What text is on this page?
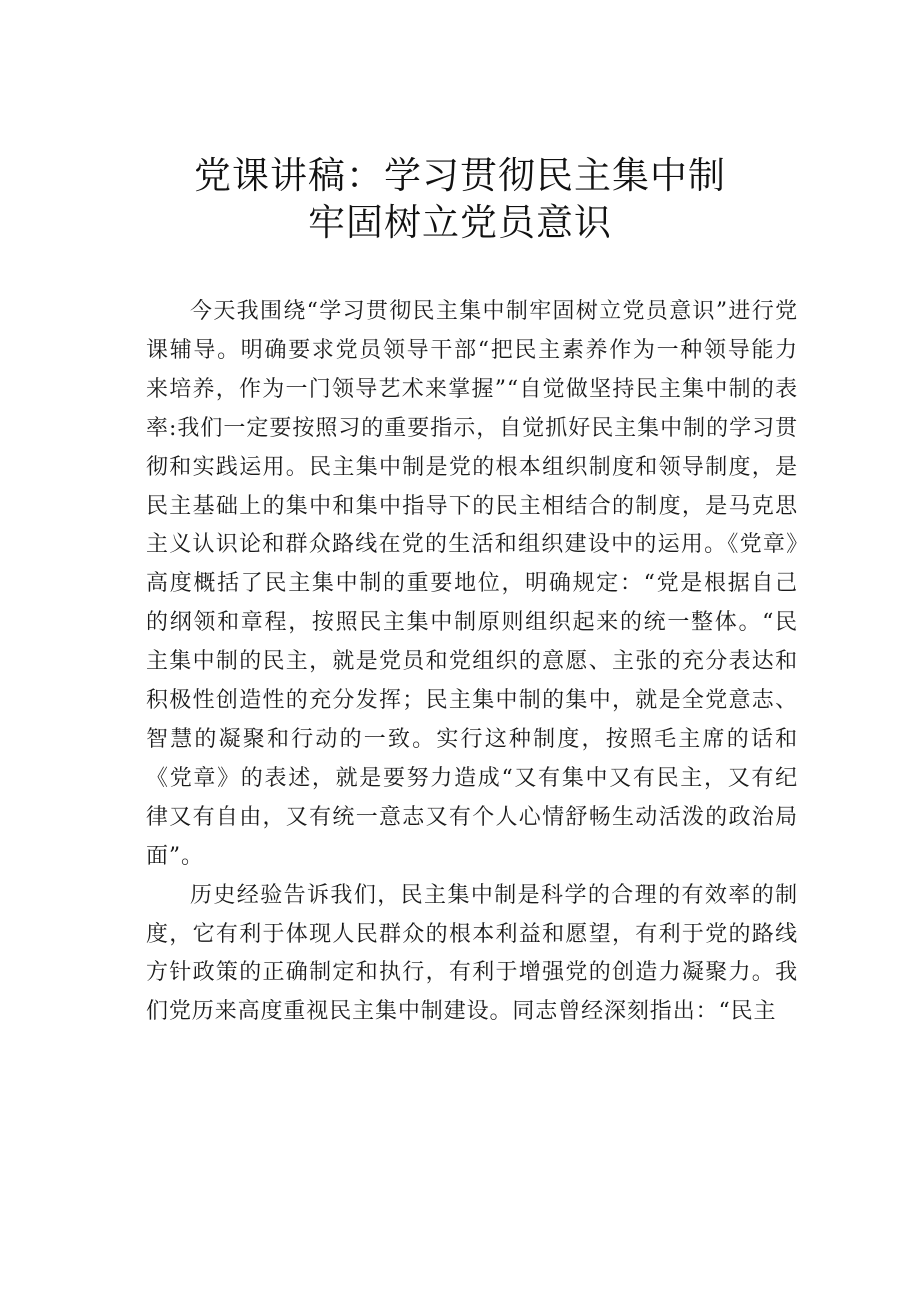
党课讲稿：学习贯彻民主集中制
牢固树立党员意识

今天我围绕“学习贯彻民主集中制牢固树立党员意识”进行党课辅导。明确要求党员领导干部“把民主素养作为一种领导能力来培养，作为一门领导艺术来掌握”“自觉做坚持民主集中制的表率:我们一定要按照习的重要指示，自觉抓好民主集中制的学习贯彻和实践运用。民主集中制是党的根本组织制度和领导制度，是民主基础上的集中和集中指导下的民主相结合的制度，是马克思主义认识论和群众路线在党的生活和组织建设中的运用。《党章》高度概括了民主集中制的重要地位，明确规定：“党是根据自己的纲领和章程，按照民主集中制原则组织起来的统一整体。“民主集中制的民主，就是党员和党组织的意愿、主张的充分表达和积极性创造性的充分发挥；民主集中制的集中，就是全党意志、智慧的凝聚和行动的一致。实行这种制度，按照毛主席的话和《党章》的表述，就是要努力造成“又有集中又有民主，又有纪律又有自由，又有统一意志又有个人心情舒畅生动活泼的政治局面”。

历史经验告诉我们，民主集中制是科学的合理的有效率的制度，它有利于体现人民群众的根本利益和愿望，有利于党的路线方针政策的正确制定和执行，有利于增强党的创造力凝聚力。我们党历来高度重视民主集中制建设。同志曾经深刻指出：“民主
